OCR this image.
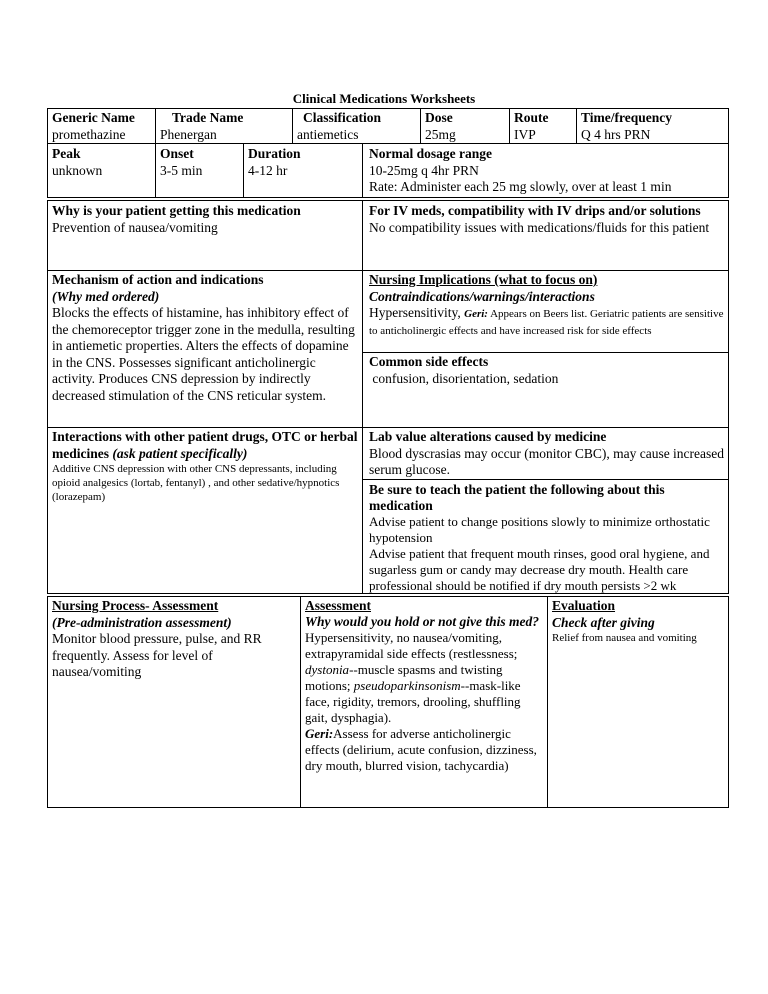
Clinical Medications Worksheets
Generic Name
promethazine
Trade Name
Phenergan
Classification
antiemetics
Dose
25mg
Route
IVP
Time/frequency
Q 4 hrs PRN
Peak
unknown
Onset
3-5 min
Duration
4-12 hr

Normal dosage range

10-25mg q 4hr PRN

Rate: Administer each 25 mg slowly, over at least 1 min

Why is your patient getting this medication

Prevention of nausea/vomiting

For IV meds, compatibility with IV drips and/or solutions

No compatibility issues with medications/fluids for this patient

Mechanism of action and indications

(Why med ordered)

Blocks the effects of histamine, has inhibitory effect of the chemoreceptor trigger zone in the medulla, resulting in antiemetic properties. Alters the effects of dopamine in the CNS. Possesses significant anticholinergic activity. Produces CNS depression by indirectly decreased stimulation of the CNS reticular system.

Nursing Implications (what to focus on)

Contraindications/warnings/interactions

Hypersensitivity, Geri: Appears on Beers list. Geriatric patients are sensitive to anticholinergic effects and have increased risk for side effects

Common side effects

confusion, disorientation, sedation

Interactions with other patient drugs, OTC or herbal medicines (ask patient specifically)

Additive CNS depression with other CNS depressants, including opioid analgesics (lortab, fentanyl) , and other sedative/hypnotics (lorazepam)

Lab value alterations caused by medicine

Blood dyscrasias may occur (monitor CBC), may cause increased serum glucose.

Be sure to teach the patient the following about this medication

Advise patient to change positions slowly to minimize orthostatic hypotension

Advise patient that frequent mouth rinses, good oral hygiene, and sugarless gum or candy may decrease dry mouth. Health care professional should be notified if dry mouth persists >2 wk

Nursing Process- Assessment

(Pre-administration assessment)

Monitor blood pressure, pulse, and RR frequently. Assess for level of nausea/vomiting

Assessment

Why would you hold or not give this med?

Hypersensitivity, no nausea/vomiting, extrapyramidal side effects (restlessness; dystonia--muscle spasms and twisting motions; pseudoparkinsonism--mask-like face, rigidity, tremors, drooling, shuffling gait, dysphagia).

Geri:Assess for adverse anticholinergic effects (delirium, acute confusion, dizziness, dry mouth, blurred vision, tachycardia)

Evaluation

Check after giving

Relief from nausea and vomiting
